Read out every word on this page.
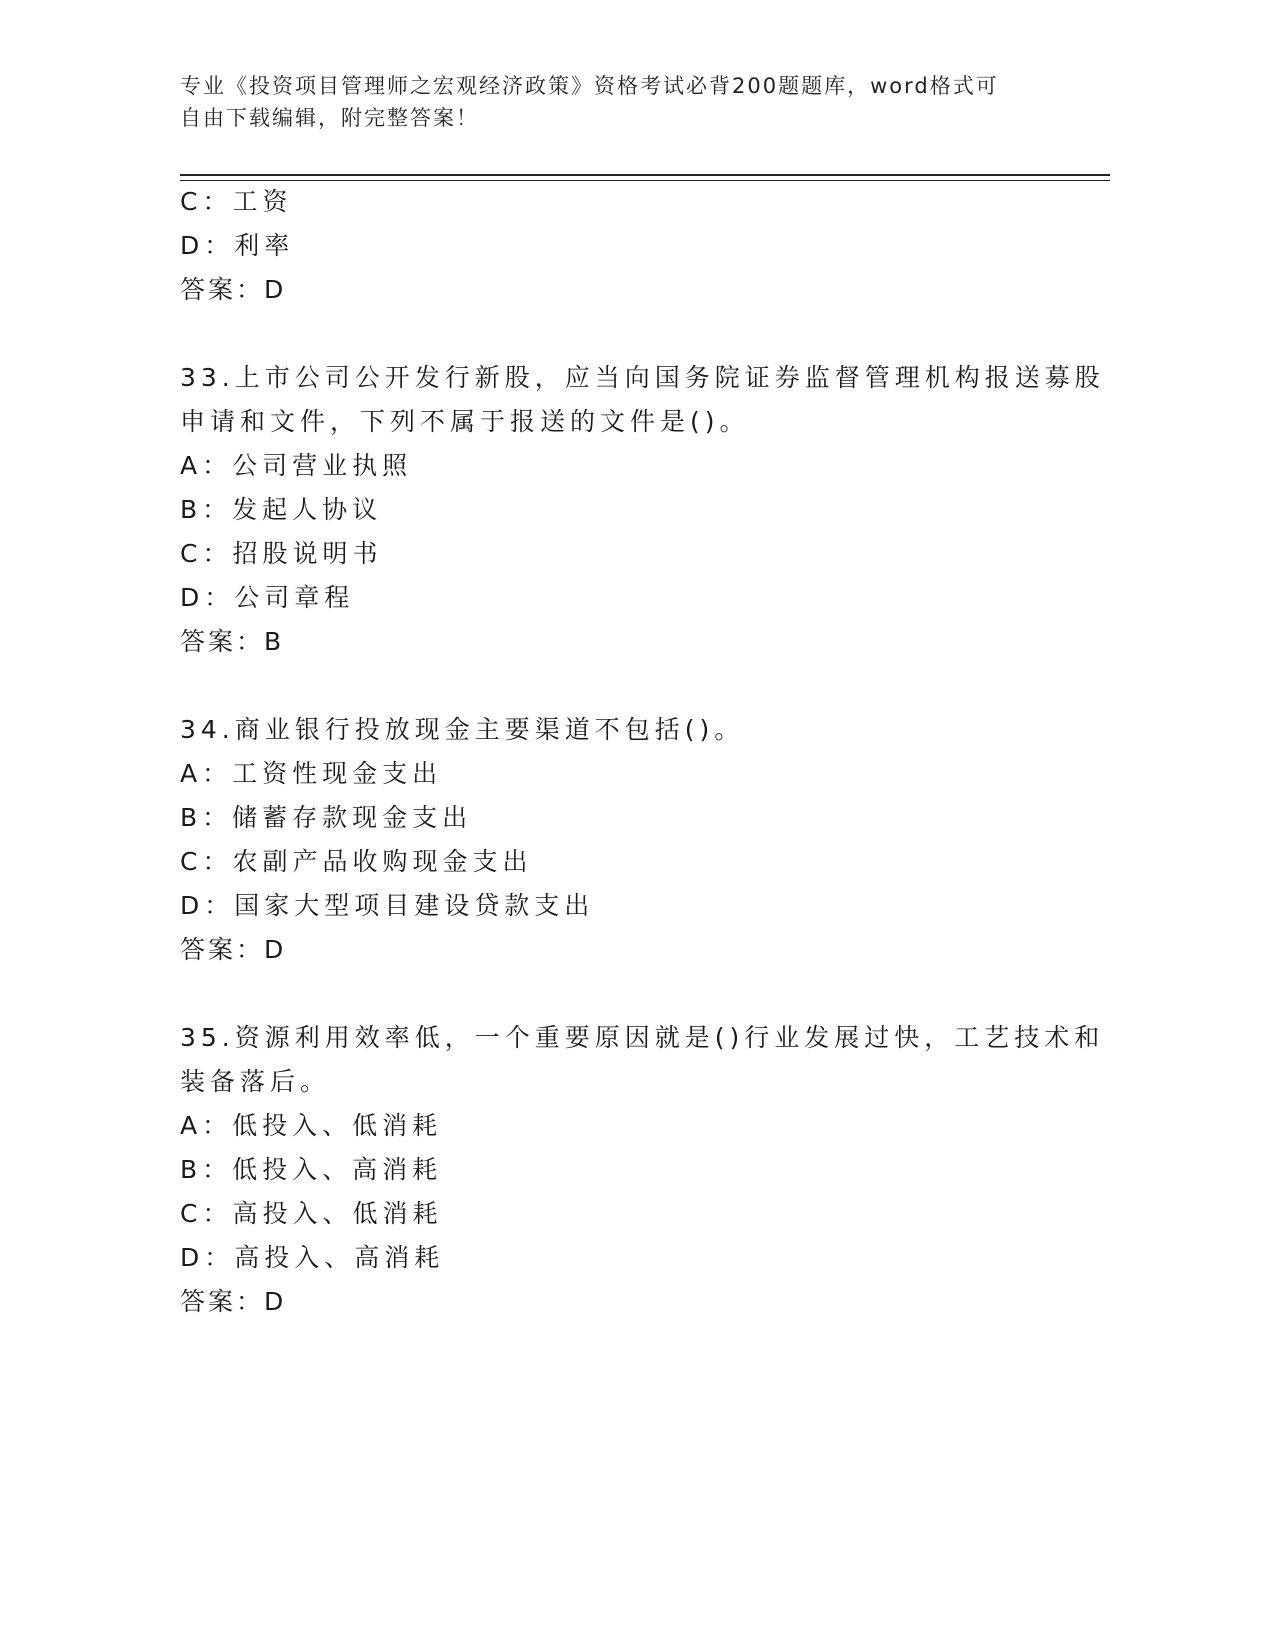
专业《投资项目管理师之宏观经济政策》资格考试必背200题题库，word格式可
自由下载编辑，附完整答案！

C：工资

D：利率

答案：D

33.上市公司公开发行新股，应当向国务院证券监督管理机构报送募股

申请和文件，下列不属于报送的文件是()。

A：公司营业执照

B：发起人协议

C：招股说明书

D：公司章程

答案：B

34.商业银行投放现金主要渠道不包括()。

A：工资性现金支出

B：储蓄存款现金支出

C：农副产品收购现金支出

D：国家大型项目建设贷款支出

答案：D

35.资源利用效率低，一个重要原因就是()行业发展过快，工艺技术和

装备落后。

A：低投入、低消耗

B：低投入、高消耗

C：高投入、低消耗

D：高投入、高消耗

答案：D
